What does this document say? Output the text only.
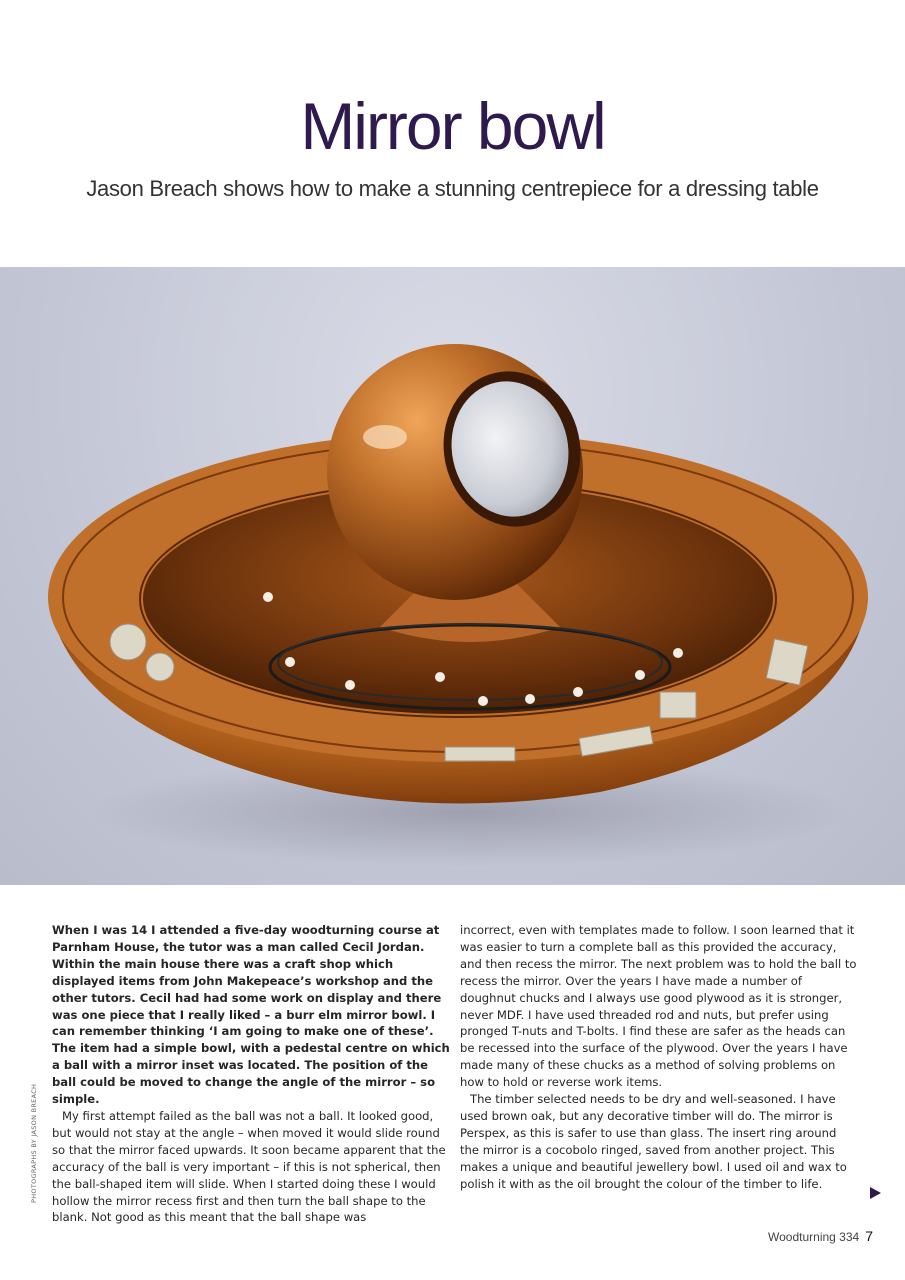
Mirror bowl
Jason Breach shows how to make a stunning centrepiece for a dressing table

When I was 14 I attended a five-day woodturning course at Parnham House, the tutor was a man called Cecil Jordan. Within the main house there was a craft shop which displayed items from John Makepeace’s workshop and the other tutors. Cecil had had some work on display and there was one piece that I really liked – a burr elm mirror bowl. I can remember thinking ‘I am going to make one of these’. The item had a simple bowl, with a pedestal centre on which a ball with a mirror inset was located. The position of the ball could be moved to change the angle of the mirror – so simple.

My first attempt failed as the ball was not a ball. It looked good, but would not stay at the angle – when moved it would slide round so that the mirror faced upwards. It soon became apparent that the accuracy of the ball is very important – if this is not spherical, then the ball-shaped item will slide. When I started doing these I would hollow the mirror recess first and then turn the ball shape to the blank. Not good as this meant that the ball shape was

incorrect, even with templates made to follow. I soon learned that it was easier to turn a complete ball as this provided the accuracy, and then recess the mirror. The next problem was to hold the ball to recess the mirror. Over the years I have made a number of doughnut chucks and I always use good plywood as it is stronger, never MDF. I have used threaded rod and nuts, but prefer using pronged T-nuts and T-bolts. I find these are safer as the heads can be recessed into the surface of the plywood. Over the years I have made many of these chucks as a method of solving problems on how to hold or reverse work items.

The timber selected needs to be dry and well-seasoned. I have used brown oak, but any decorative timber will do. The mirror is Perspex, as this is safer to use than glass. The insert ring around the mirror is a cocobolo ringed, saved from another project. This makes a unique and beautiful jewellery bowl. I used oil and wax to polish it with as the oil brought the colour of the timber to life.

PHOTOGRAPHS BY JASON BREACH
Woodturning 334 7
